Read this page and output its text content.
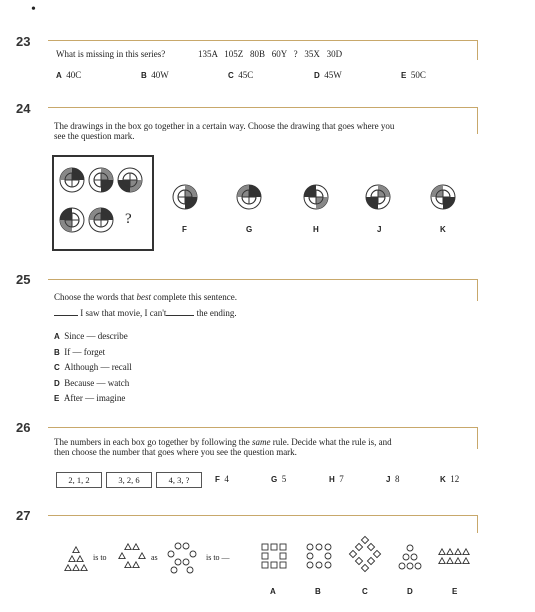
•
23
What is missing in this series?	135A   105Z   80B   60Y   ?   35X   30D
A 40C	B 40W	C 45C	D 45W	E 50C
24
The drawings in the box go together in a certain way. Choose the drawing that goes where you
see the question mark.
?
F	G	H	J	K
25
Choose the words that best complete this sentence.
I saw that movie, I can't	the ending.
A Since — describe
B If — forget
C Although — recall
D Because — watch
E After — imagine
26
The numbers in each box go together by following the same rule. Decide what the rule is, and
then choose the number that goes where you see the question mark.
2, 1, 2	3, 2, 6	4, 3, ?	F 4	G 5	H 7	J 8	K 12
27
is to	as	is to —
A	B	C	D	E
